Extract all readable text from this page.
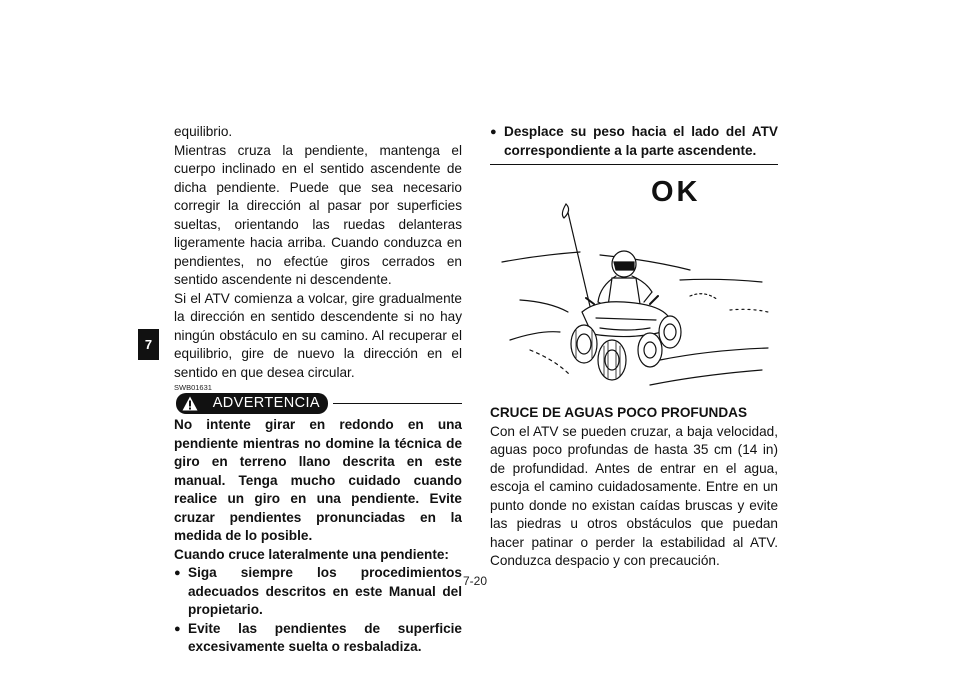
7

equilibrio.

Mientras cruza la pendiente, mantenga el cuerpo inclinado en el sentido ascendente de dicha pendiente. Puede que sea necesario corregir la dirección al pasar por superficies sueltas, orientando las ruedas delanteras ligeramente hacia arriba. Cuando conduzca en pendientes, no efectúe giros cerrados en sentido ascendente ni descendente.

Si el ATV comienza a volcar, gire gradualmente la dirección en sentido descendente si no hay ningún obstáculo en su camino. Al recuperar el equilibrio, gire de nuevo la dirección en el sentido en que desea circular.

SWB01631
ADVERTENCIA

No intente girar en redondo en una pendiente mientras no domine la técnica de giro en terreno llano descrita en este manual. Tenga mucho cuidado cuando realice un giro en una pendiente. Evite cruzar pendientes pronunciadas en la medida de lo posible.

Cuando cruce lateralmente una pendiente:

● Siga siempre los procedimientos adecuados descritos en este Manual del propietario.
● Evite las pendientes de superficie excesivamente suelta o resbaladiza.
● Desplace su peso hacia el lado del ATV correspondiente a la parte ascendente.
OK

CRUCE DE AGUAS POCO PROFUNDAS

Con el ATV se pueden cruzar, a baja velocidad, aguas poco profundas de hasta 35 cm (14 in) de profundidad. Antes de entrar en el agua, escoja el camino cuidadosamente. Entre en un punto donde no existan caídas bruscas y evite las piedras u otros obstáculos que puedan hacer patinar o perder la estabilidad al ATV. Conduzca despacio y con precaución.

7-20
